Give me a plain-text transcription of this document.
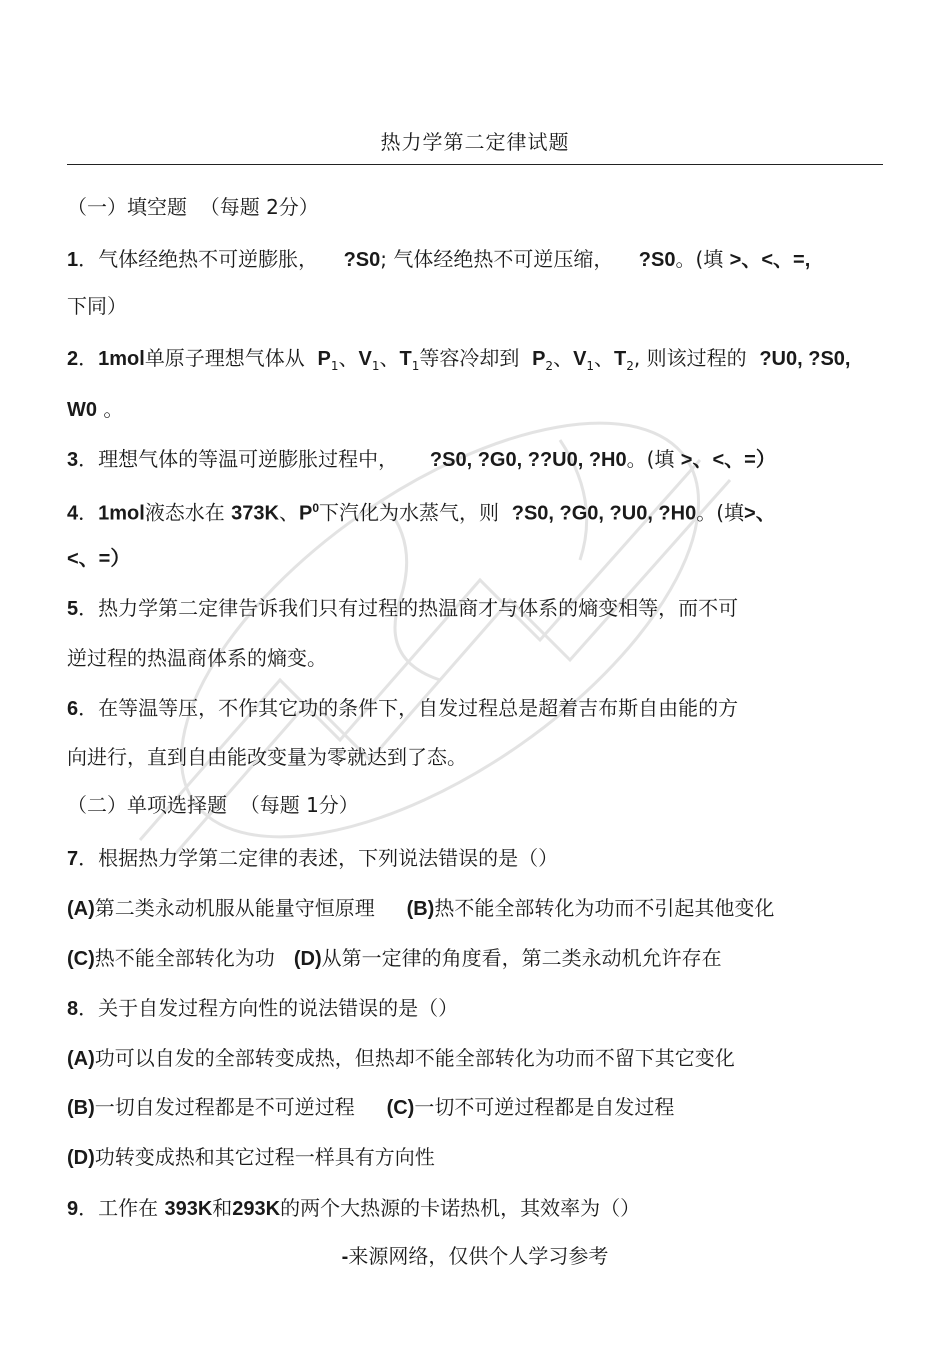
热力学第二定律试题
（一）填空题 （每题 2分）
1．气体经绝热不可逆膨胀， ?S0; 气体经绝热不可逆压缩， ?S0。(填 >、<、=,
下同）
2．1mol单原子理想气体从 $P_1$、$V_1$、$T_1$等容冷却到 $P_2$、$V_1$、$T_2$, 则该过程的 ?U0, ?S0,
W0 。
3．理想气体的等温可逆膨胀过程中， ?S0, ?G0, ??U0, ?H0。(填 >、<、=）
4．1mol液态水在 373K、$P^0$下汽化为水蒸气，则 ?S0, ?G0, ?U0, ?H0。(填>、
<、=）
5．热力学第二定律告诉我们只有过程的热温商才与体系的熵变相等，而不可
逆过程的热温商体系的熵变。
6．在等温等压，不作其它功的条件下，自发过程总是超着吉布斯自由能的方
向进行，直到自由能改变量为零就达到了态。
（二）单项选择题 （每题 1分）
7．根据热力学第二定律的表述，下列说法错误的是（）
(A)第二类永动机服从能量守恒原理 (B)热不能全部转化为功而不引起其他变化
(C)热不能全部转化为功 (D)从第一定律的角度看，第二类永动机允许存在
8．关于自发过程方向性的说法错误的是（）
(A)功可以自发的全部转变成热，但热却不能全部转化为功而不留下其它变化
(B)一切自发过程都是不可逆过程 (C)一切不可逆过程都是自发过程
(D)功转变成热和其它过程一样具有方向性
9．工作在 393K和293K的两个大热源的卡诺热机，其效率为（）
-来源网络，仅供个人学习参考
